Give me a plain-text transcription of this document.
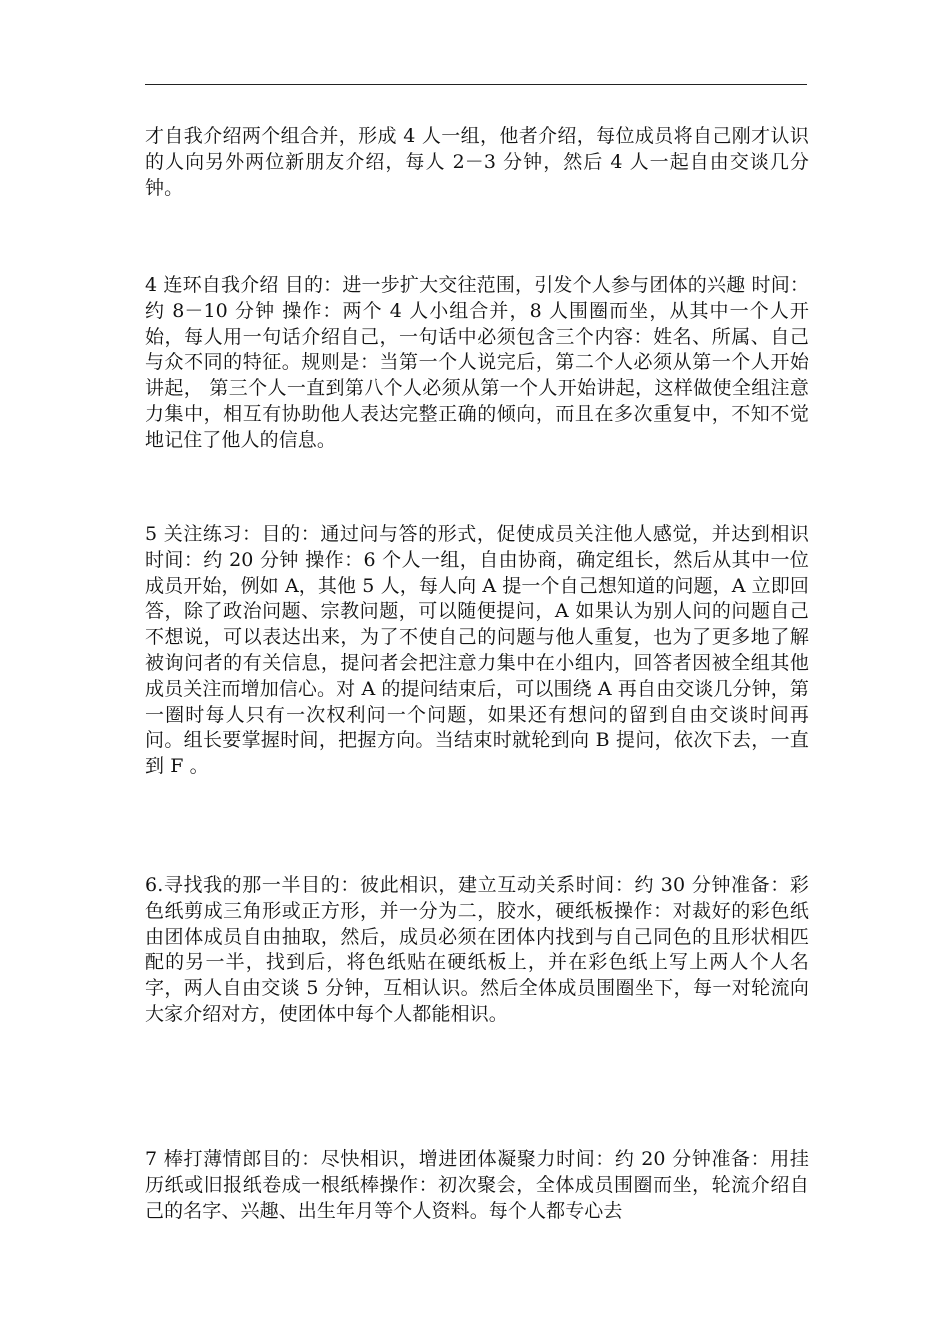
才自我介绍两个组合并，形成 4 人一组，他者介绍，每位成员将自己刚才认识的人向另外两位新朋友介绍，每人 2－3 分钟，然后 4 人一起自由交谈几分钟。

4 连环自我介绍 目的：进一步扩大交往范围，引发个人参与团体的兴趣 时间：约 8－10 分钟 操作：两个 4 人小组合并，8 人围圈而坐，从其中一个人开始，每人用一句话介绍自己，一句话中必须包含三个内容：姓名、所属、自己与众不同的特征。规则是：当第一个人说完后，第二个人必须从第一个人开始讲起， 第三个人一直到第八个人必须从第一个人开始讲起，这样做使全组注意力集中，相互有协助他人表达完整正确的倾向，而且在多次重复中，不知不觉地记住了他人的信息。

5 关注练习：目的：通过问与答的形式，促使成员关注他人感觉，并达到相识 时间：约 20 分钟 操作：6 个人一组，自由协商，确定组长，然后从其中一位成员开始，例如 A，其他 5 人，每人向 A 提一个自己想知道的问题，A 立即回答，除了政治问题、宗教问题，可以随便提问，A 如果认为别人问的问题自己不想说，可以表达出来，为了不使自己的问题与他人重复，也为了更多地了解被询问者的有关信息，提问者会把注意力集中在小组内，回答者因被全组其他成员关注而增加信心。对 A 的提问结束后，可以围绕 A 再自由交谈几分钟，第一圈时每人只有一次权利问一个问题，如果还有想问的留到自由交谈时间再问。组长要掌握时间，把握方向。当结束时就轮到向 B 提问，依次下去，一直到 F 。

6.寻找我的那一半目的：彼此相识，建立互动关系时间：约 30 分钟准备：彩色纸剪成三角形或正方形，并一分为二，胶水，硬纸板操作：对裁好的彩色纸由团体成员自由抽取，然后，成员必须在团体内找到与自己同色的且形状相匹配的另一半，找到后，将色纸贴在硬纸板上，并在彩色纸上写上两人个人名字，两人自由交谈 5 分钟，互相认识。然后全体成员围圈坐下，每一对轮流向大家介绍对方，使团体中每个人都能相识。

7 棒打薄情郎目的：尽快相识，增进团体凝聚力时间：约 20 分钟准备：用挂历纸或旧报纸卷成一根纸棒操作：初次聚会，全体成员围圈而坐，轮流介绍自己的名字、兴趣、出生年月等个人资料。每个人都专心去
